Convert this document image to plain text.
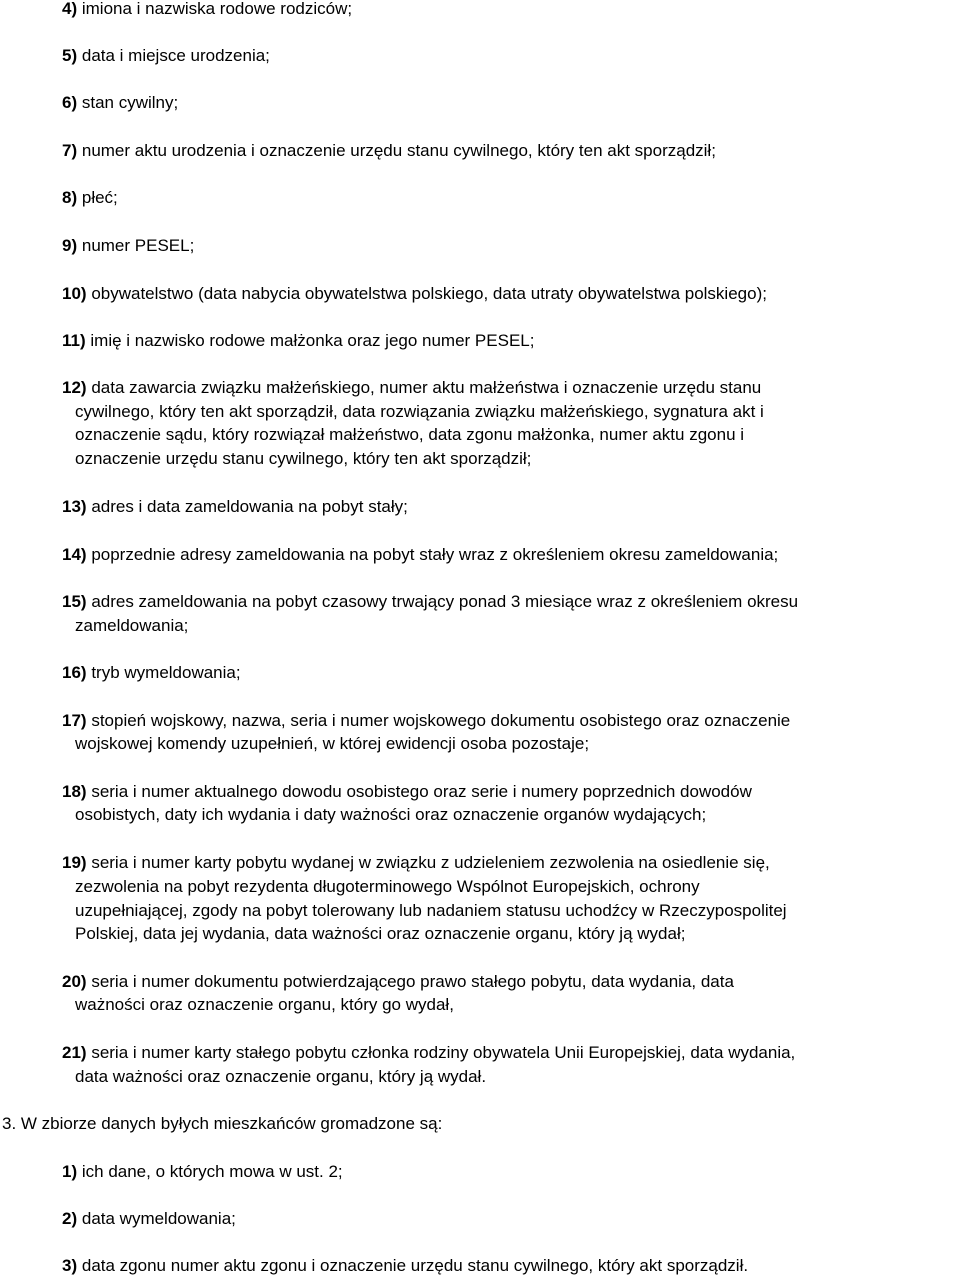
4) imiona i nazwiska rodowe rodziców;
5) data i miejsce urodzenia;
6) stan cywilny;
7) numer aktu urodzenia i oznaczenie urzędu stanu cywilnego, który ten akt sporządził;
8) płeć;
9) numer PESEL;
10) obywatelstwo (data nabycia obywatelstwa polskiego, data utraty obywatelstwa polskiego);
11) imię i nazwisko rodowe małżonka oraz jego numer PESEL;
12) data zawarcia związku małżeńskiego, numer aktu małżeństwa i oznaczenie urzędu stanu
cywilnego, który ten akt sporządził, data rozwiązania związku małżeńskiego, sygnatura akt i
oznaczenie sądu, który rozwiązał małżeństwo, data zgonu małżonka, numer aktu zgonu i
oznaczenie urzędu stanu cywilnego, który ten akt sporządził;
13) adres i data zameldowania na pobyt stały;
14) poprzednie adresy zameldowania na pobyt stały wraz z określeniem okresu zameldowania;
15) adres zameldowania na pobyt czasowy trwający ponad 3 miesiące wraz z określeniem okresu
zameldowania;
16) tryb wymeldowania;
17) stopień wojskowy, nazwa, seria i numer wojskowego dokumentu osobistego oraz oznaczenie
wojskowej komendy uzupełnień, w której ewidencji osoba pozostaje;
18) seria i numer aktualnego dowodu osobistego oraz serie i numery poprzednich dowodów
osobistych, daty ich wydania i daty ważności oraz oznaczenie organów wydających;
19) seria i numer karty pobytu wydanej w związku z udzieleniem zezwolenia na osiedlenie się,
zezwolenia na pobyt rezydenta długoterminowego Wspólnot Europejskich, ochrony
uzupełniającej, zgody na pobyt tolerowany lub nadaniem statusu uchodźcy w Rzeczypospolitej
Polskiej, data jej wydania, data ważności oraz oznaczenie organu, który ją wydał;
20) seria i numer dokumentu potwierdzającego prawo stałego pobytu, data wydania, data
ważności oraz oznaczenie organu, który go wydał,
21) seria i numer karty stałego pobytu członka rodziny obywatela Unii Europejskiej, data wydania,
data ważności oraz oznaczenie organu, który ją wydał.
3. W zbiorze danych byłych mieszkańców gromadzone są:
1) ich dane, o których mowa w ust. 2;
2) data wymeldowania;
3) data zgonu numer aktu zgonu i oznaczenie urzędu stanu cywilnego, który akt sporządził.
